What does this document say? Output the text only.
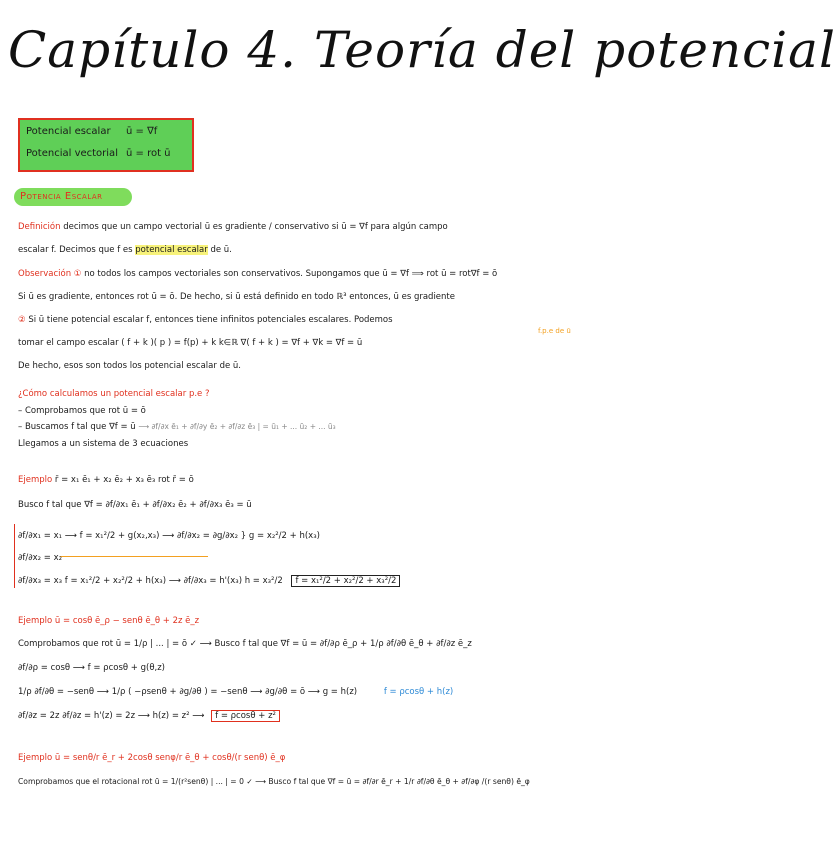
Capítulo 4. Teoría del potencial
Potencial escalar	ū = ∇f
Potencial vectorial ū = rot ū
Potencia Escalar
Definición decimos que un campo vectorial ū es gradiente / conservativo si ū = ∇f para algún campo
escalar f. Decimos que f es potencial escalar de ū.
Observación ① no todos los campos vectoriales son conservativos. Supongamos que ū = ∇f ⟹ rot ū = rot∇f = ō
Si ū es gradiente, entonces rot ū = ō. De hecho, si ū está definido en todo ℝ³ entonces, ū es gradiente
② Si ū tiene potencial escalar f, entonces tiene infinitos potenciales escalares. Podemos
tomar el campo escalar ( f + k )( p ) = f(p) + k k∈ℝ ∇( f + k ) = ∇f + ∇k = ∇f = ū
f.p.e de ū
De hecho, esos son todos los potencial escalar de ū.
¿Cómo calculamos un potencial escalar p.e ?
– Comprobamos que rot ū = ō
– Buscamos f tal que ∇f = ū ⟶ ∂f/∂x ē₁ + ∂f/∂y ē₂ + ∂f/∂z ē₃ | = ū₁ + ... ū₂ + ... ū₃
Llegamos a un sistema de 3 ecuaciones
Ejemplo r̄ = x₁ ē₁ + x₂ ē₂ + x₃ ē₃ rot r̄ = ō
Busco f tal que ∇f = ∂f/∂x₁ ē₁ + ∂f/∂x₂ ē₂ + ∂f/∂x₃ ē₃ = ū
∂f/∂x₁ = x₁ ⟶ f = x₁²/2 + g(x₂,x₃) ⟶ ∂f/∂x₂ = ∂g/∂x₂ } g = x₂²/2 + h(x₃)
∂f/∂x₂ = x₂
∂f/∂x₃ = x₃ f = x₁²/2 + x₂²/2 + h(x₃) ⟶ ∂f/∂x₃ = h'(x₃) h = x₃²/2 f = x₁²/2 + x₂²/2 + x₃²/2
Ejemplo ū = cosθ ē_ρ − senθ ē_θ + 2z ē_z
Comprobamos que rot ū = 1/ρ | ... | = ō ✓ ⟶ Busco f tal que ∇f = ū = ∂f/∂ρ ē_ρ + 1/ρ ∂f/∂θ ē_θ + ∂f/∂z ē_z
∂f/∂ρ = cosθ ⟶ f = ρcosθ + g(θ,z)
1/ρ ∂f/∂θ = −senθ ⟶ 1/ρ ( −ρsenθ + ∂g/∂θ ) = −senθ ⟶ ∂g/∂θ = ō ⟶ g = h(z)	f = ρcosθ + h(z)
∂f/∂z = 2z ∂f/∂z = h'(z) = 2z ⟶ h(z) = z² ⟶ f = ρcosθ + z²
Ejemplo ū = senθ/r ē_r + 2cosθ senφ/r ē_θ + cosθ/(r senθ) ē_φ
Comprobamos que el rotacional rot ū = 1/(r²senθ) | ... | = 0 ✓ ⟶ Busco f tal que ∇f = ū = ∂f/∂r ē_r + 1/r ∂f/∂θ ē_θ + ∂f/∂φ /(r senθ) ē_φ
